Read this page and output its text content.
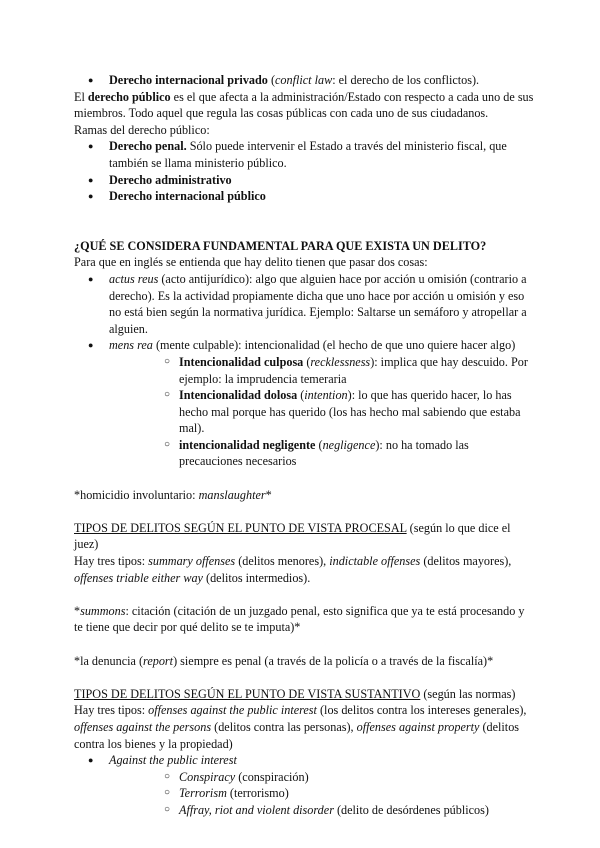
● Derecho internacional privado (conflict law: el derecho de los conflictos).

El derecho público es el que afecta a la administración/Estado con respecto a cada uno de sus miembros. Todo aquel que regula las cosas públicas con cada uno de sus ciudadanos.

Ramas del derecho público:

● Derecho penal. Sólo puede intervenir el Estado a través del ministerio fiscal, que también se llama ministerio público.
● Derecho administrativo
● Derecho internacional público

¿QUÉ SE CONSIDERA FUNDAMENTAL PARA QUE EXISTA UN DELITO?

Para que en inglés se entienda que hay delito tienen que pasar dos cosas:

● actus reus (acto antijurídico): algo que alguien hace por acción u omisión (contrario a derecho). Es la actividad propiamente dicha que uno hace por acción u omisión y eso no está bien según la normativa jurídica. Ejemplo: Saltarse un semáforo y atropellar a alguien.
● mens rea (mente culpable): intencionalidad (el hecho de que uno quiere hacer algo)
○ Intencionalidad culposa (recklessness): implica que hay descuido. Por ejemplo: la imprudencia temeraria
○ Intencionalidad dolosa (intention): lo que has querido hacer, lo has hecho mal porque has querido (los has hecho mal sabiendo que estaba mal).
○ intencionalidad negligente (negligence): no ha tomado las precauciones necesarios

*homicidio involuntario: manslaughter*

TIPOS DE DELITOS SEGÚN EL PUNTO DE VISTA PROCESAL (según lo que dice el juez)

Hay tres tipos: summary offenses (delitos menores), indictable offenses (delitos mayores), offenses triable either way (delitos intermedios).

*summons: citación (citación de un juzgado penal, esto significa que ya te está procesando y te tiene que decir por qué delito se te imputa)*

*la denuncia (report) siempre es penal (a través de la policía o a través de la fiscalía)*

TIPOS DE DELITOS SEGÚN EL PUNTO DE VISTA SUSTANTIVO (según las normas)

Hay tres tipos: offenses against the public interest (los delitos contra los intereses generales), offenses against the persons (delitos contra las personas), offenses against property (delitos contra los bienes y la propiedad)

● Against the public interest
○ Conspiracy (conspiración)
○ Terrorism (terrorismo)
○ Affray, riot and violent disorder (delito de desórdenes públicos)
